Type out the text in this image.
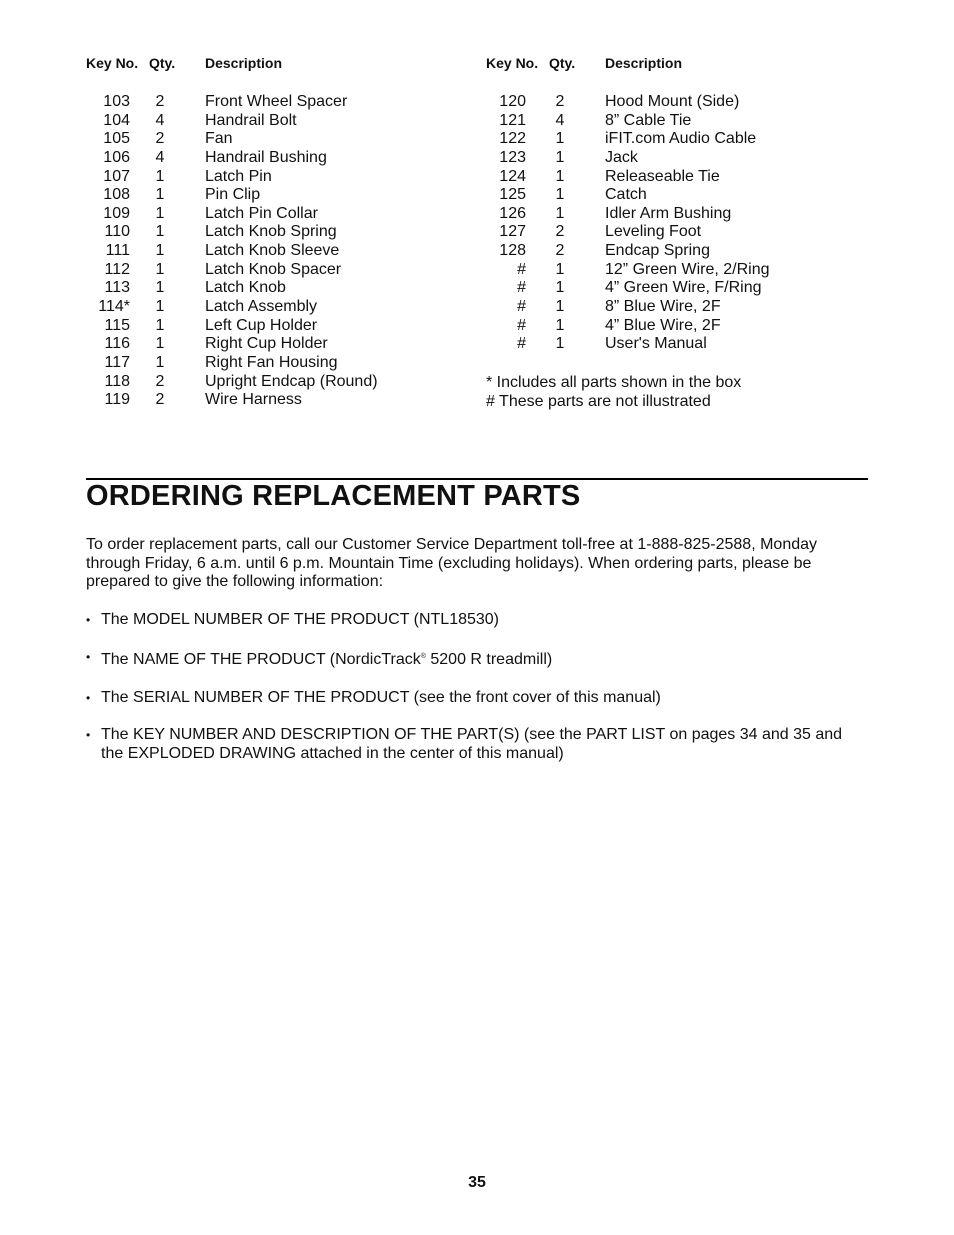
Key No. Qty. Description	Key No. Qty. Description
103 2	Front Wheel Spacer
104 4	Handrail Bolt
105 2	Fan
106 4	Handrail Bushing
107 1	Latch Pin
108 1	Pin Clip
109 1	Latch Pin Collar
110 1	Latch Knob Spring
111 1	Latch Knob Sleeve
112 1	Latch Knob Spacer
113 1	Latch Knob
114* 1	Latch Assembly
115 1	Left Cup Holder
116 1	Right Cup Holder
117 1	Right Fan Housing
118 2	Upright Endcap (Round)
119 2	Wire Harness
120 2	Hood Mount (Side)
121 4	8” Cable Tie
122 1	iFIT.com Audio Cable
123 1	Jack
124 1	Releaseable Tie
125 1	Catch
126 1	Idler Arm Bushing
127 2	Leveling Foot
128 2	Endcap Spring
# 1	12” Green Wire, 2/Ring
# 1	4” Green Wire, F/Ring
# 1	8” Blue Wire, 2F
# 1	4” Blue Wire, 2F
# 1	User's Manual
* Includes all parts shown in the box
# These parts are not illustrated
ORDERING REPLACEMENT PARTS

To order replacement parts, call our Customer Service Department toll-free at 1-888-825-2588, Monday through Friday, 6 a.m. until 6 p.m. Mountain Time (excluding holidays). When ordering parts, please be prepared to give the following information:

• The MODEL NUMBER OF THE PRODUCT (NTL18530)
• The NAME OF THE PRODUCT (NordicTrack® 5200 R treadmill)
• The SERIAL NUMBER OF THE PRODUCT (see the front cover of this manual)
• The KEY NUMBER AND DESCRIPTION OF THE PART(S) (see the PART LIST on pages 34 and 35 and the EXPLODED DRAWING attached in the center of this manual)
35
